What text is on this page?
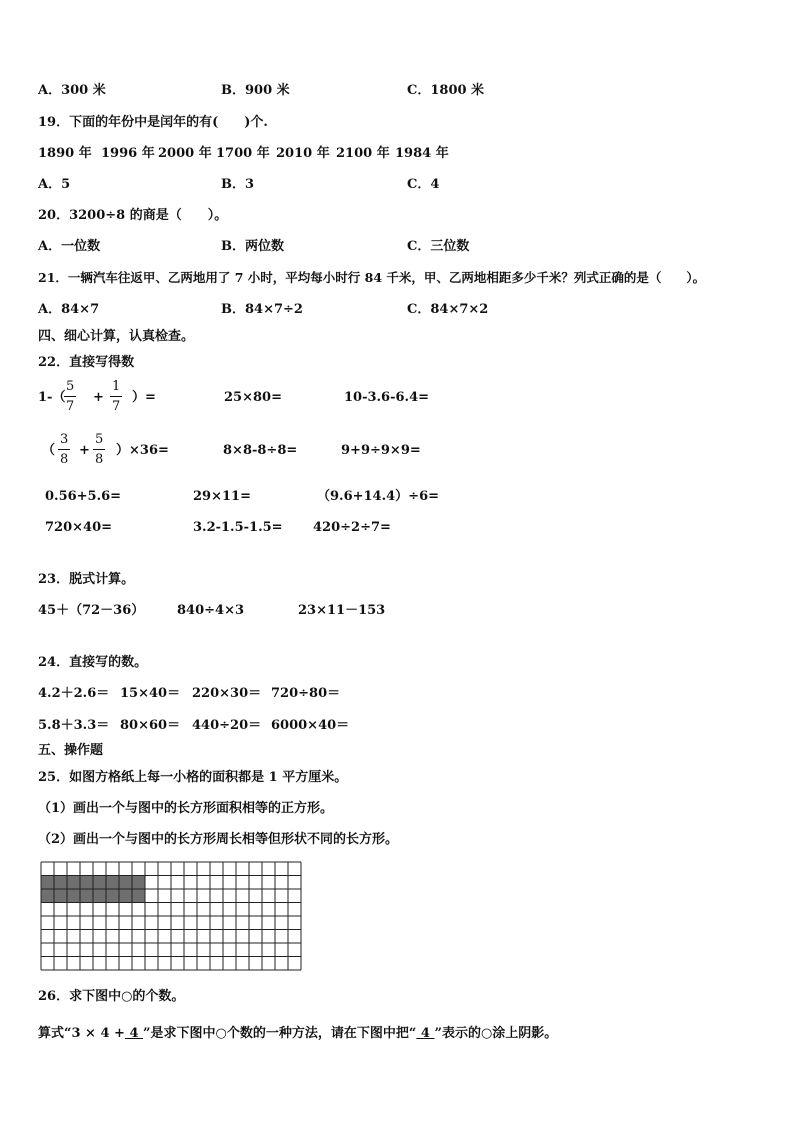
A．300 米	B．900 米	C．1800 米
19．下面的年份中是闰年的有(　　)个.
1890 年 1996 年 2000 年 1700 年 2010 年 2100 年 1984 年
A．5	B．3	C．4
20．3200÷8 的商是（　　）。
A．一位数	B．两位数	C．三位数
21．一辆汽车往返甲、乙两地用了 7 小时，平均每小时行 84 千米，甲、乙两地相距多少千米？列式正确的是（　　）。
A．84×7	B．84×7÷2	C．84×7×2
四、细心计算，认真检查。
22．直接写得数
1-（
5
7
+
1
7
）=	25×80=	10-3.6-6.4=
（
3
8
+
5
8
）×36=	8×8-8÷8=	9+9÷9×9=
0.56+5.6=	29×11=	（9.6+14.4）÷6=
720×40=	3.2-1.5-1.5= 420÷2÷7=
23．脱式计算。
45＋（72－36）	840÷4×3	23×11－153
24．直接写的数。
4.2＋2.6＝ 15×40＝ 220×30＝ 720÷80＝
5.8＋3.3＝ 80×60＝ 440÷20＝ 6000×40＝
五、操作题
25．如图方格纸上每一小格的面积都是 1 平方厘米。
（1）画出一个与图中的长方形面积相等的正方形。
（2）画出一个与图中的长方形周长相等但形状不同的长方形。
26．求下图中○的个数。
算式“3 × 4 + 4 ”是求下图中○个数的一种方法，请在下图中把“ 4 ”表示的○涂上阴影。
